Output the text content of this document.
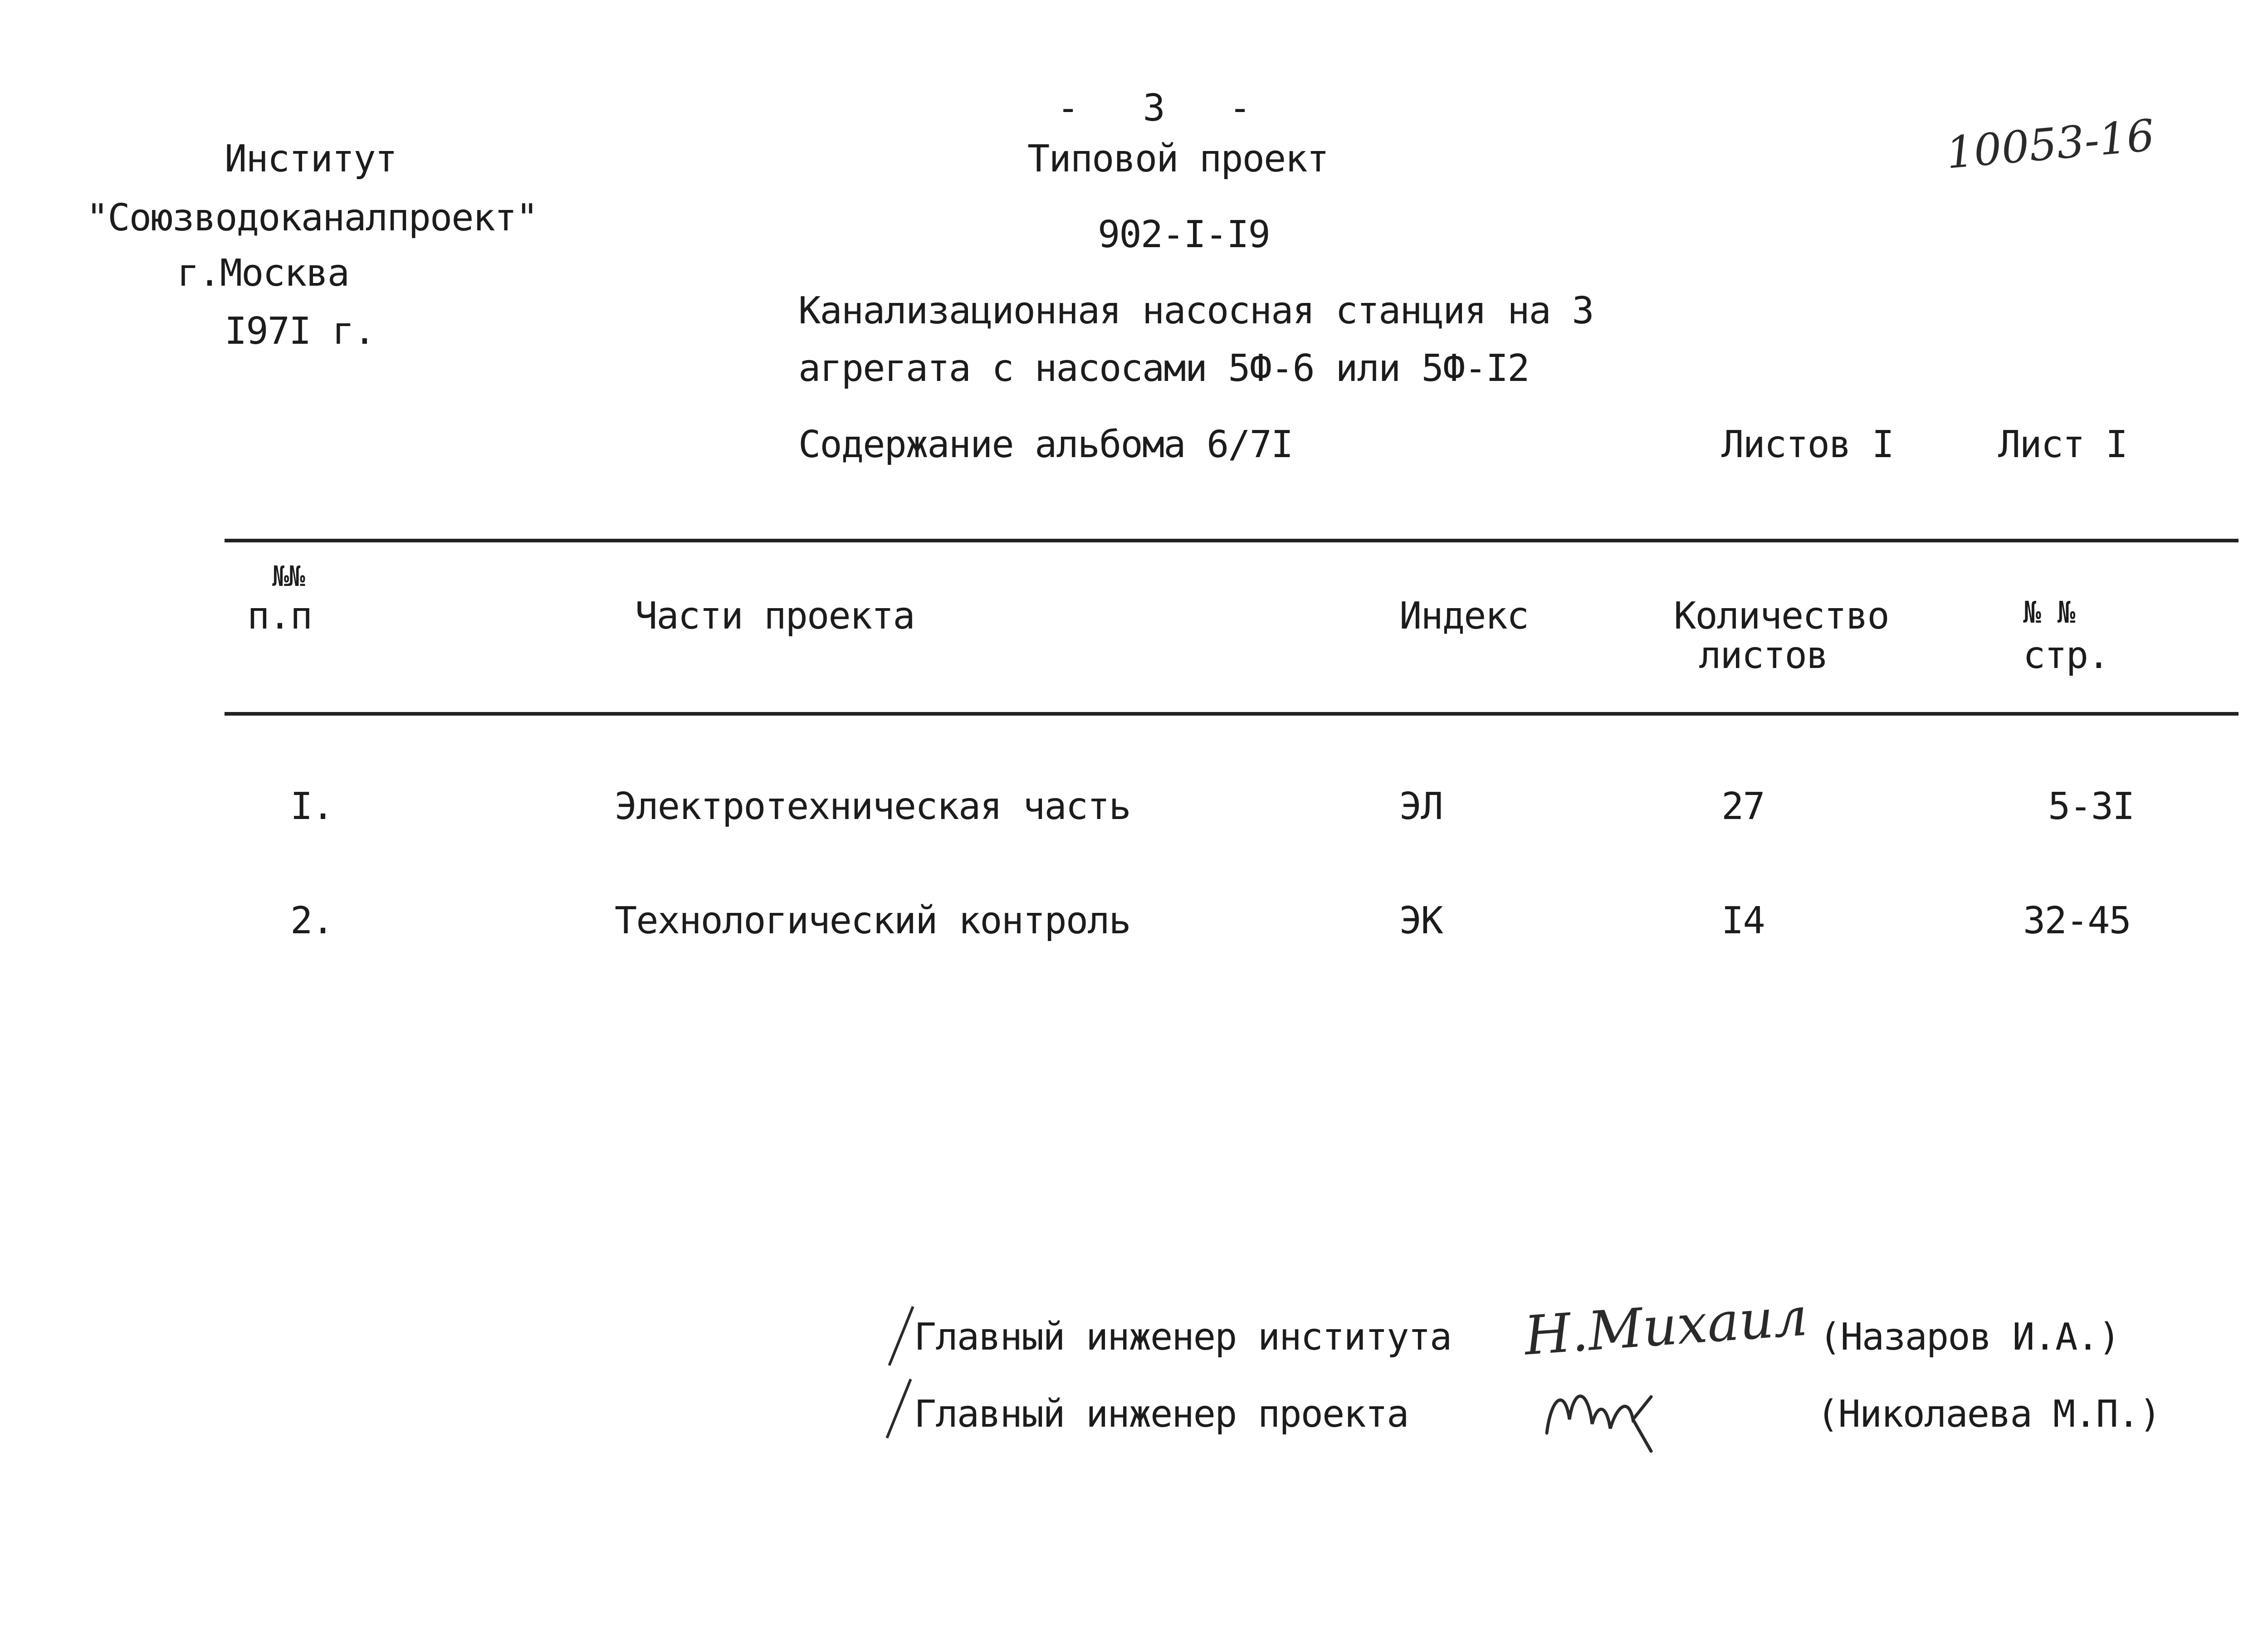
-   3   -
10053-16
Институт
"Союзводоканалпроект"
г.Москва
I97I г.
Типовой проект
902-I-I9
Канализационная насосная станция на 3
агрегата с насосами 5Ф-6 или 5Ф-I2
Содержание альбома 6/7I	Листов I	Лист I
№№
п.п	Части проекта	Индекс	Количество
листов
№ №
стр.
I.	Электротехническая часть	ЭЛ	27	5-3I
2.	Технологический контроль	ЭК	I4	32-45
Главный инженер института Н.Михаил (Назаров И.А.)
Главный инженер проекта	(Николаева М.П.)
